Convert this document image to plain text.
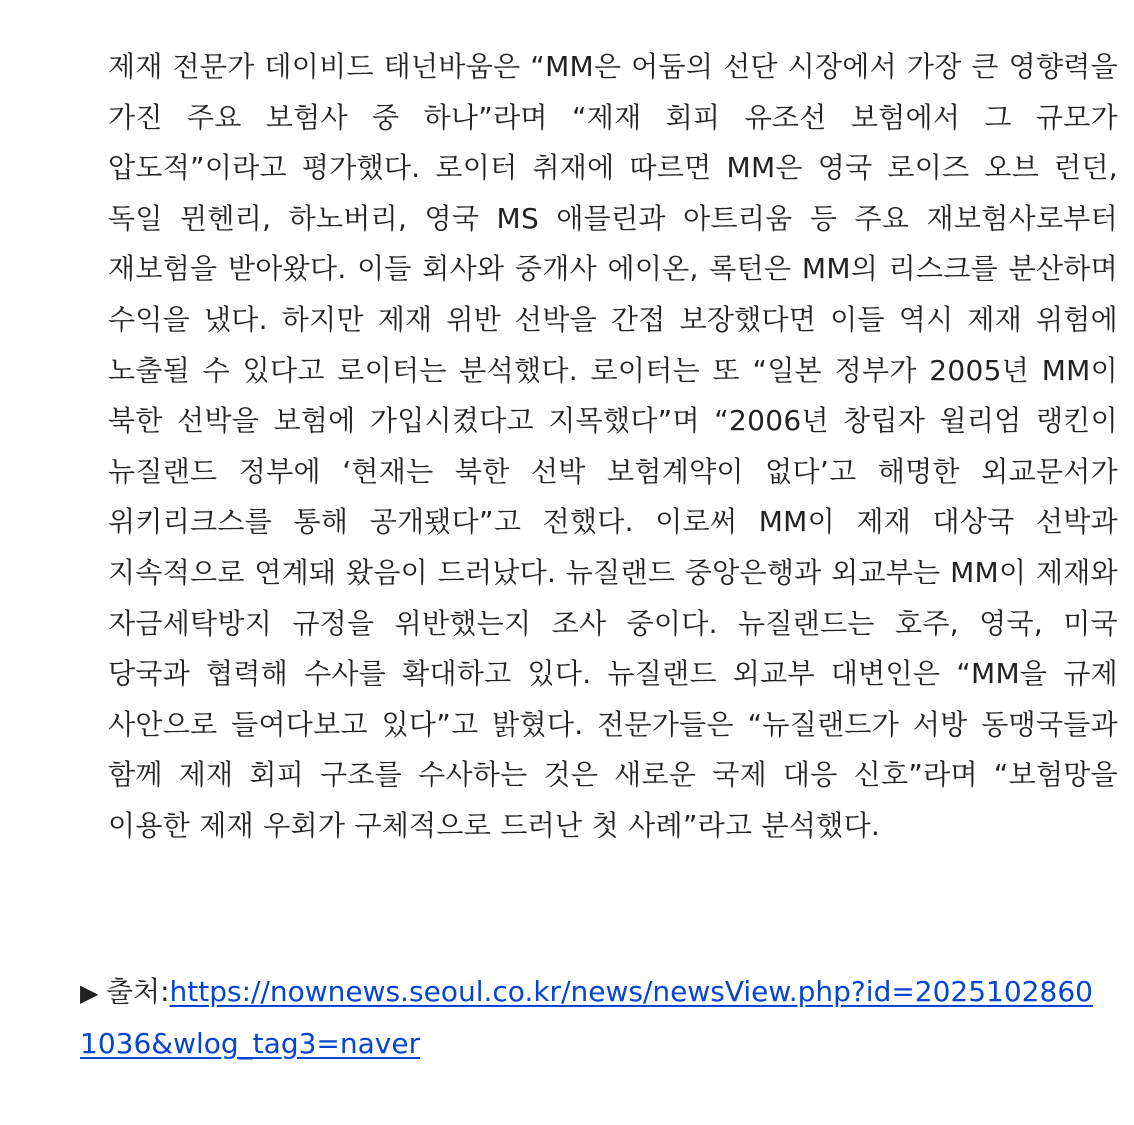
제재 전문가 데이비드 태넌바움은 “MM은 어둠의 선단 시장에서 가장 큰 영향력을 가진 주요 보험사 중 하나”라며 “제재 회피 유조선 보험에서 그 규모가 압도적”이라고 평가했다. 로이터 취재에 따르면 MM은 영국 로이즈 오브 런던, 독일 뮌헨리, 하노버리, 영국 MS 애믈린과 아트리움 등 주요 재보험사로부터 재보험을 받아왔다. 이들 회사와 중개사 에이온, 록턴은 MM의 리스크를 분산하며 수익을 냈다. 하지만 제재 위반 선박을 간접 보장했다면 이들 역시 제재 위험에 노출될 수 있다고 로이터는 분석했다. 로이터는 또 “일본 정부가 2005년 MM이 북한 선박을 보험에 가입시켰다고 지목했다”며 “2006년 창립자 윌리엄 랭킨이 뉴질랜드 정부에 ‘현재는 북한 선박 보험계약이 없다’고 해명한 외교문서가 위키리크스를 통해 공개됐다”고 전했다. 이로써 MM이 제재 대상국 선박과 지속적으로 연계돼 왔음이 드러났다. 뉴질랜드 중앙은행과 외교부는 MM이 제재와 자금세탁방지 규정을 위반했는지 조사 중이다. 뉴질랜드는 호주, 영국, 미국 당국과 협력해 수사를 확대하고 있다. 뉴질랜드 외교부 대변인은 “MM을 규제 사안으로 들여다보고 있다”고 밝혔다. 전문가들은 “뉴질랜드가 서방 동맹국들과 함께 제재 회피 구조를 수사하는 것은 새로운 국제 대응 신호”라며 “보험망을 이용한 제재 우회가 구체적으로 드러난 첫 사례”라고 분석했다.

▶ 출처:https://nownews.seoul.co.kr/news/newsView.php?id=20251028601036&wlog_tag3=naver
